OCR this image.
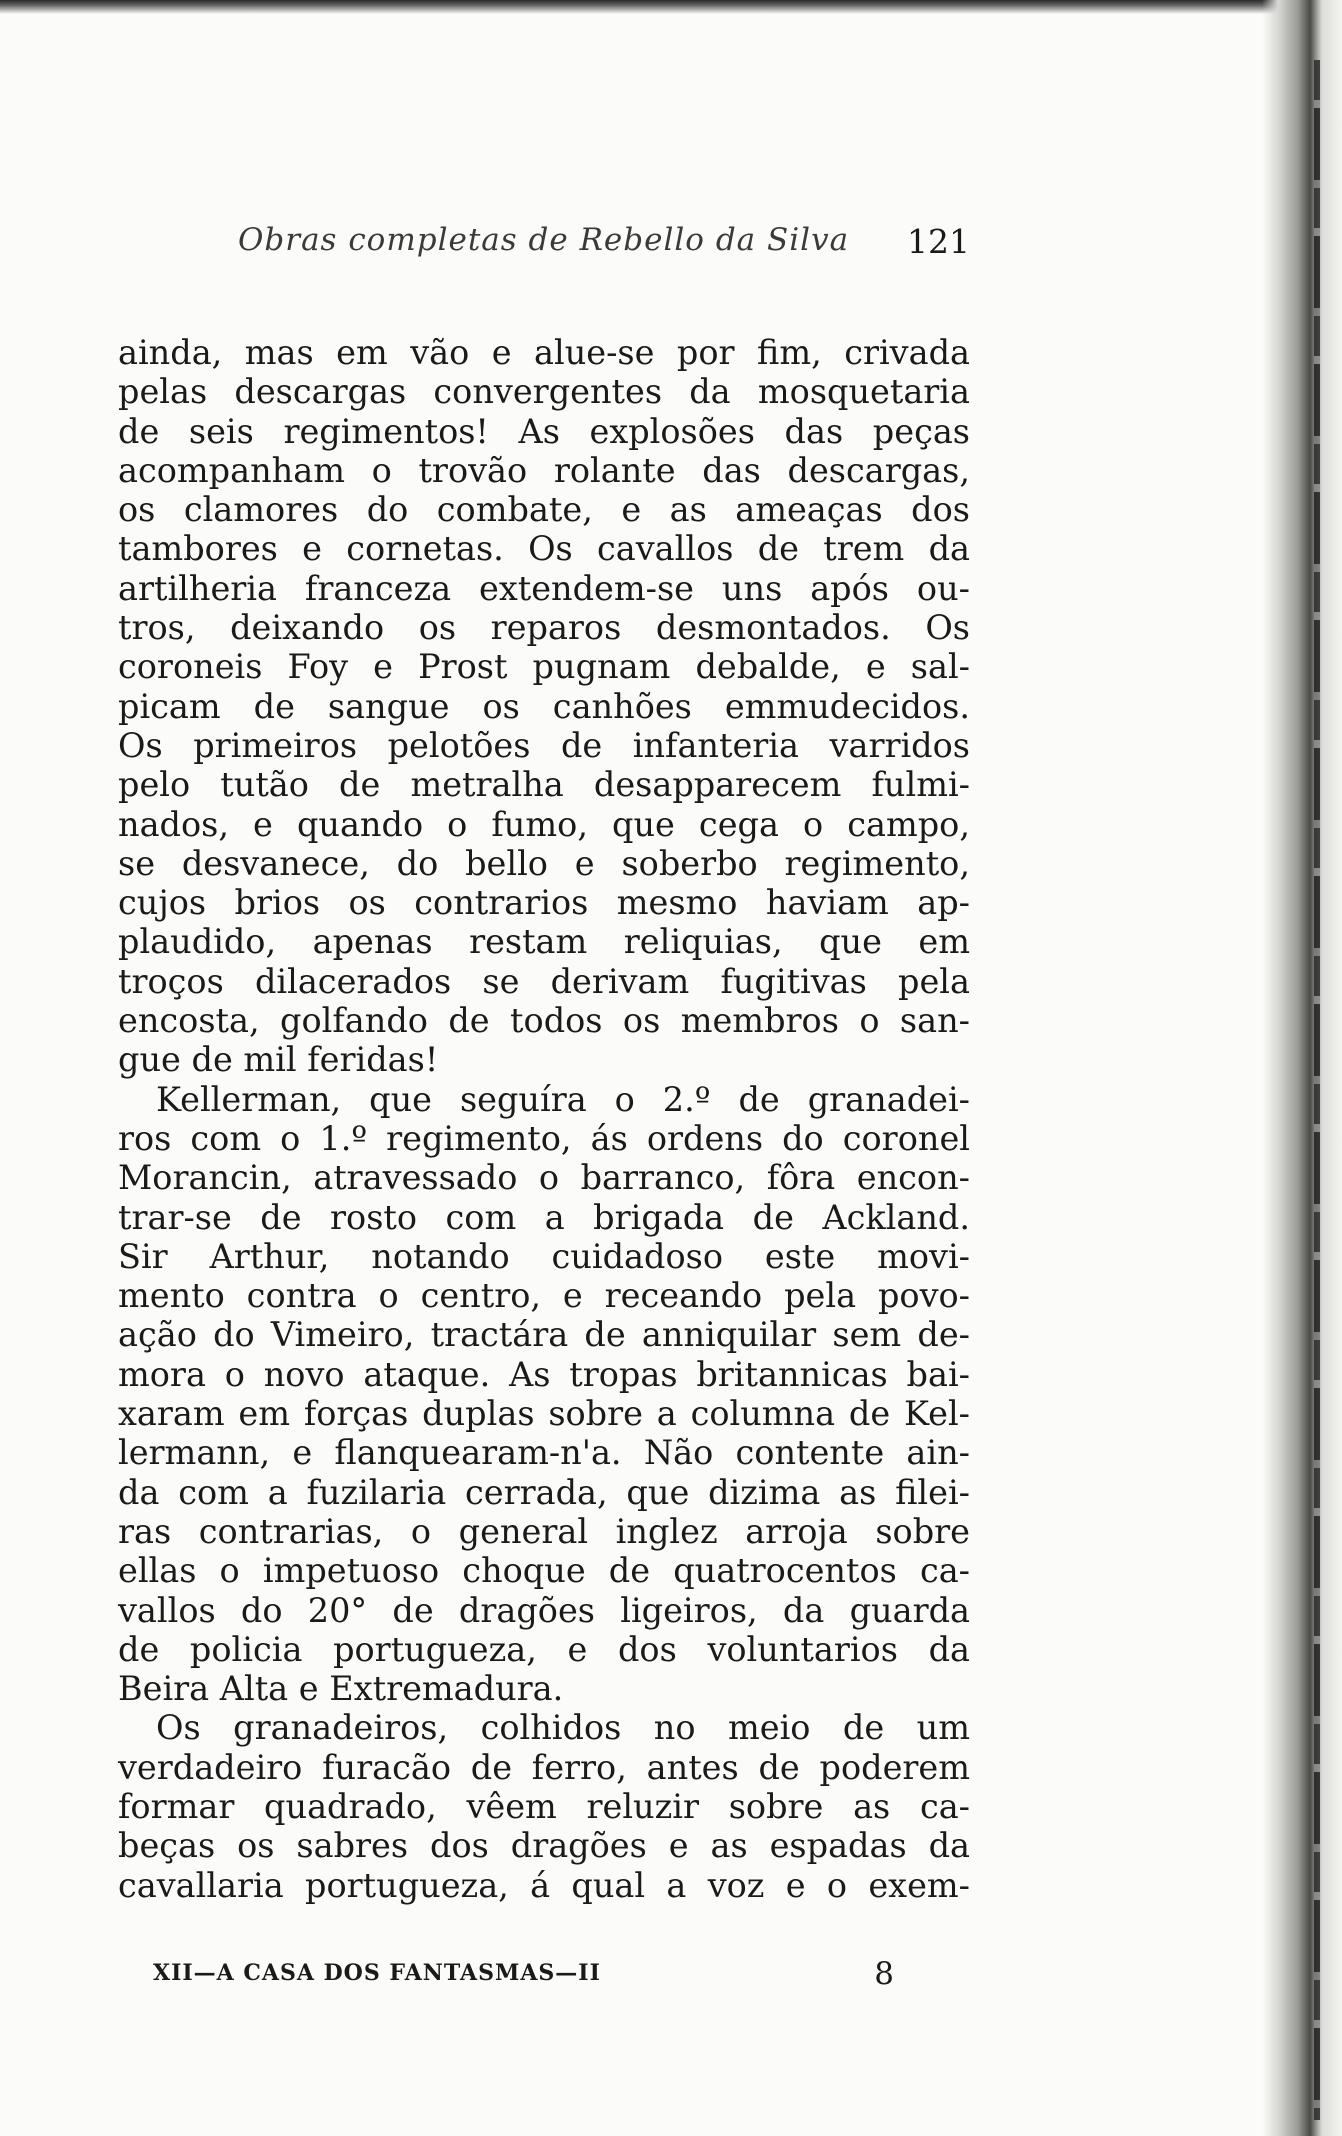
Obras completas de Rebello da Silva 121
ainda, mas em vão e alue-se por fim, crivada
pelas descargas convergentes da mosquetaria
de seis regimentos! As explosões das peças
acompanham o trovão rolante das descargas,
os clamores do combate, e as ameaças dos
tambores e cornetas. Os cavallos de trem da
artilheria franceza extendem-se uns após ou-
tros, deixando os reparos desmontados. Os
coroneis Foy e Prost pugnam debalde, e sal-
picam de sangue os canhões emmudecidos.
Os primeiros pelotões de infanteria varridos
pelo tutão de metralha desapparecem fulmi-
nados, e quando o fumo, que cega o campo,
se desvanece, do bello e soberbo regimento,
cujos brios os contrarios mesmo haviam ap-
plaudido, apenas restam reliquias, que em
troços dilacerados se derivam fugitivas pela
encosta, golfando de todos os membros o san-
gue de mil feridas!
Kellerman, que seguíra o 2.º de granadei-
ros com o 1.º regimento, ás ordens do coronel
Morancin, atravessado o barranco, fôra encon-
trar-se de rosto com a brigada de Ackland.
Sir Arthur, notando cuidadoso este movi-
mento contra o centro, e receando pela povo-
ação do Vimeiro, tractára de anniquilar sem de-
mora o novo ataque. As tropas britannicas bai-
xaram em forças duplas sobre a columna de Kel-
lermann, e flanquearam-n'a. Não contente ain-
da com a fuzilaria cerrada, que dizima as filei-
ras contrarias, o general inglez arroja sobre
ellas o impetuoso choque de quatrocentos ca-
vallos do 20° de dragões ligeiros, da guarda
de policia portugueza, e dos voluntarios da
Beira Alta e Extremadura.
Os granadeiros, colhidos no meio de um
verdadeiro furacão de ferro, antes de poderem
formar quadrado, vêem reluzir sobre as ca-
beças os sabres dos dragões e as espadas da
cavallaria portugueza, á qual a voz e o exem-
XII—A CASA DOS FANTASMAS—II	8
